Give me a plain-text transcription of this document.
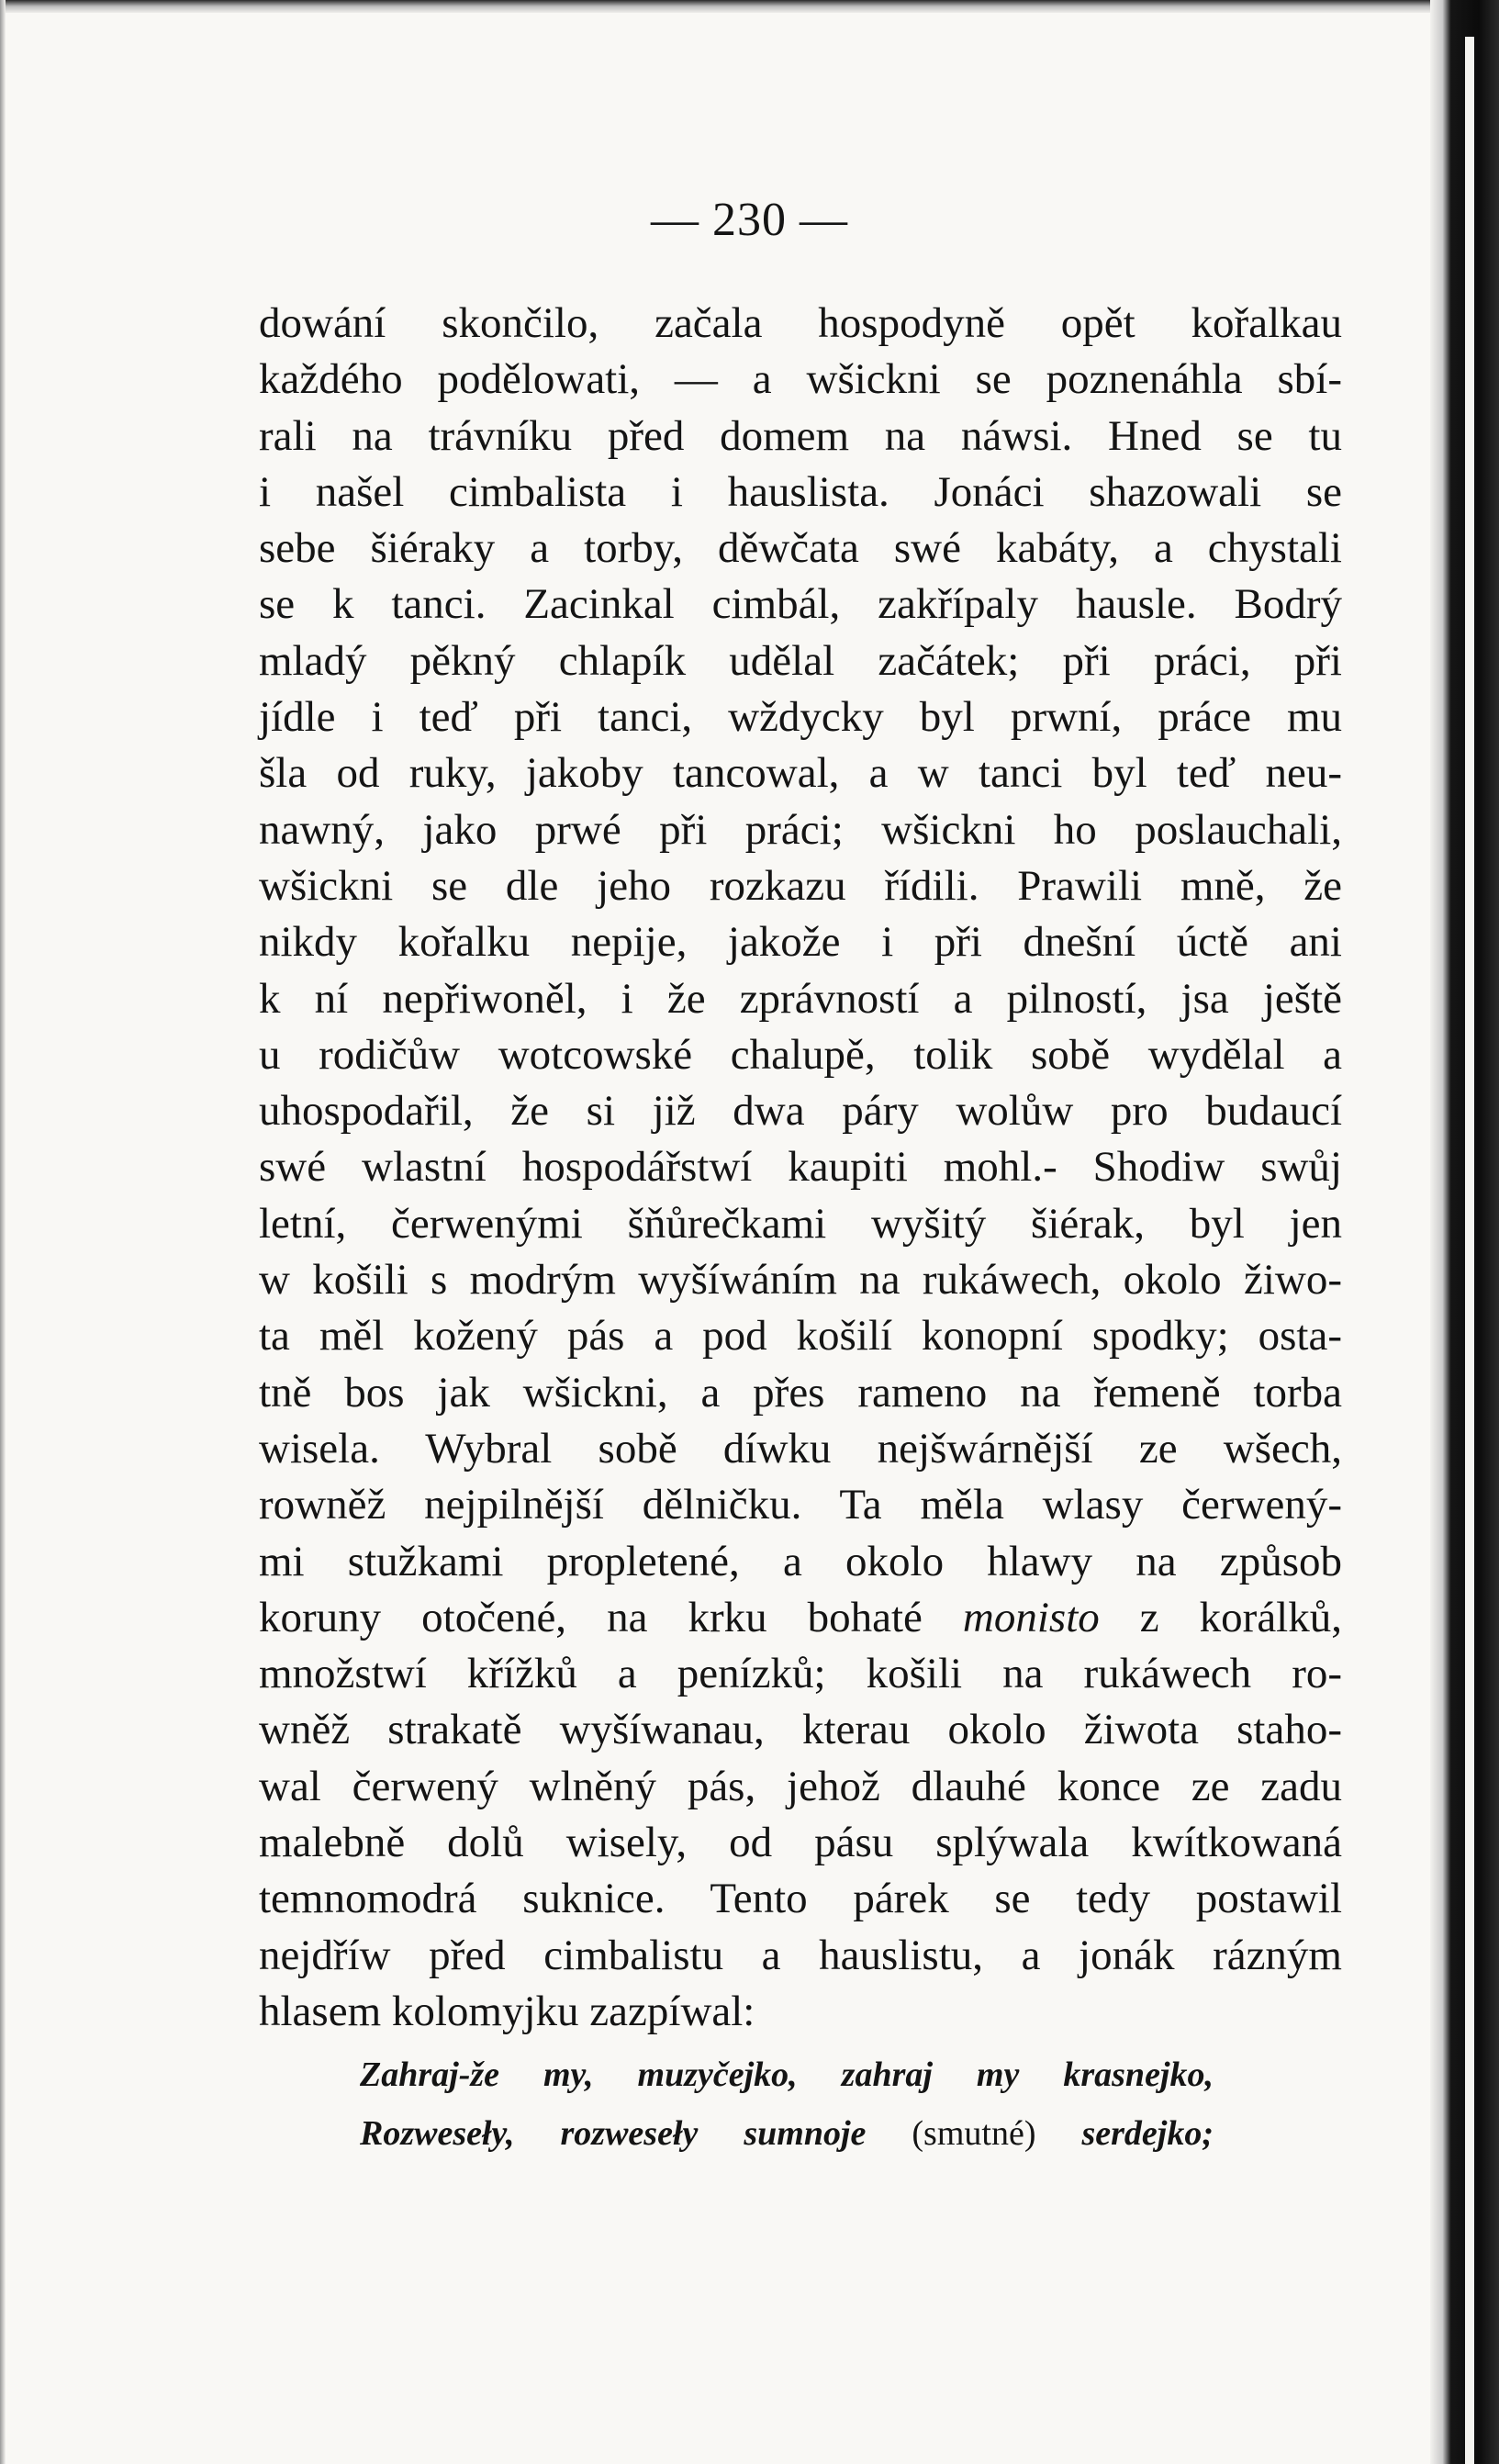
— 230 —
dowání skončilo, začala hospodyně opět kořalkau
každého podělowati, — a wšickni se poznenáhla sbí-
rali na trávníku před domem na náwsi. Hned se tu
i našel cimbalista i hauslista. Jonáci shazowali se
sebe šiéraky a torby, děwčata swé kabáty, a chystali
se k tanci. Zacinkal cimbál, zakřípaly hausle. Bodrý
mladý pěkný chlapík udělal začátek; při práci, při
jídle i teď při tanci, wždycky byl prwní, práce mu
šla od ruky, jakoby tancowal, a w tanci byl teď neu-
nawný, jako prwé při práci; wšickni ho poslauchali,
wšickni se dle jeho rozkazu řídili. Prawili mně, že
nikdy kořalku nepije, jakože i při dnešní úctě ani
k ní nepřiwoněl, i že zprávností a pilností, jsa ještě
u rodičůw wotcowské chalupě, tolik sobě wydělal a
uhospodařil, že si již dwa páry wolůw pro budaucí
swé wlastní hospodářstwí kaupiti mohl.- Shodiw swůj
letní, čerwenými šňůrečkami wyšitý šiérak, byl jen
w košili s modrým wyšíwáním na rukáwech, okolo žiwo-
ta měl kožený pás a pod košilí konopní spodky; osta-
tně bos jak wšickni, a přes rameno na řemeně torba
wisela. Wybral sobě díwku nejšwárnější ze wšech,
rowněž nejpilnější dělničku. Ta měla wlasy čerwený-
mi stužkami propletené, a okolo hlawy na způsob
koruny otočené, na krku bohaté monisto z korálků,
množstwí křížků a penízků; košili na rukáwech ro-
wněž strakatě wyšíwanau, kterau okolo žiwota staho-
wal čerwený wlněný pás, jehož dlauhé konce ze zadu
malebně dolů wisely, od pásu splýwala kwítkowaná
temnomodrá suknice. Tento párek se tedy postawil
nejdříw před cimbalistu a hauslistu, a jonák rázným
hlasem kolomyjku zazpíwal:
Zahraj-že my, muzyčejko, zahraj my krasnejko,
Rozweseły, rozweseły sumnoje (smutné) serdejko;
